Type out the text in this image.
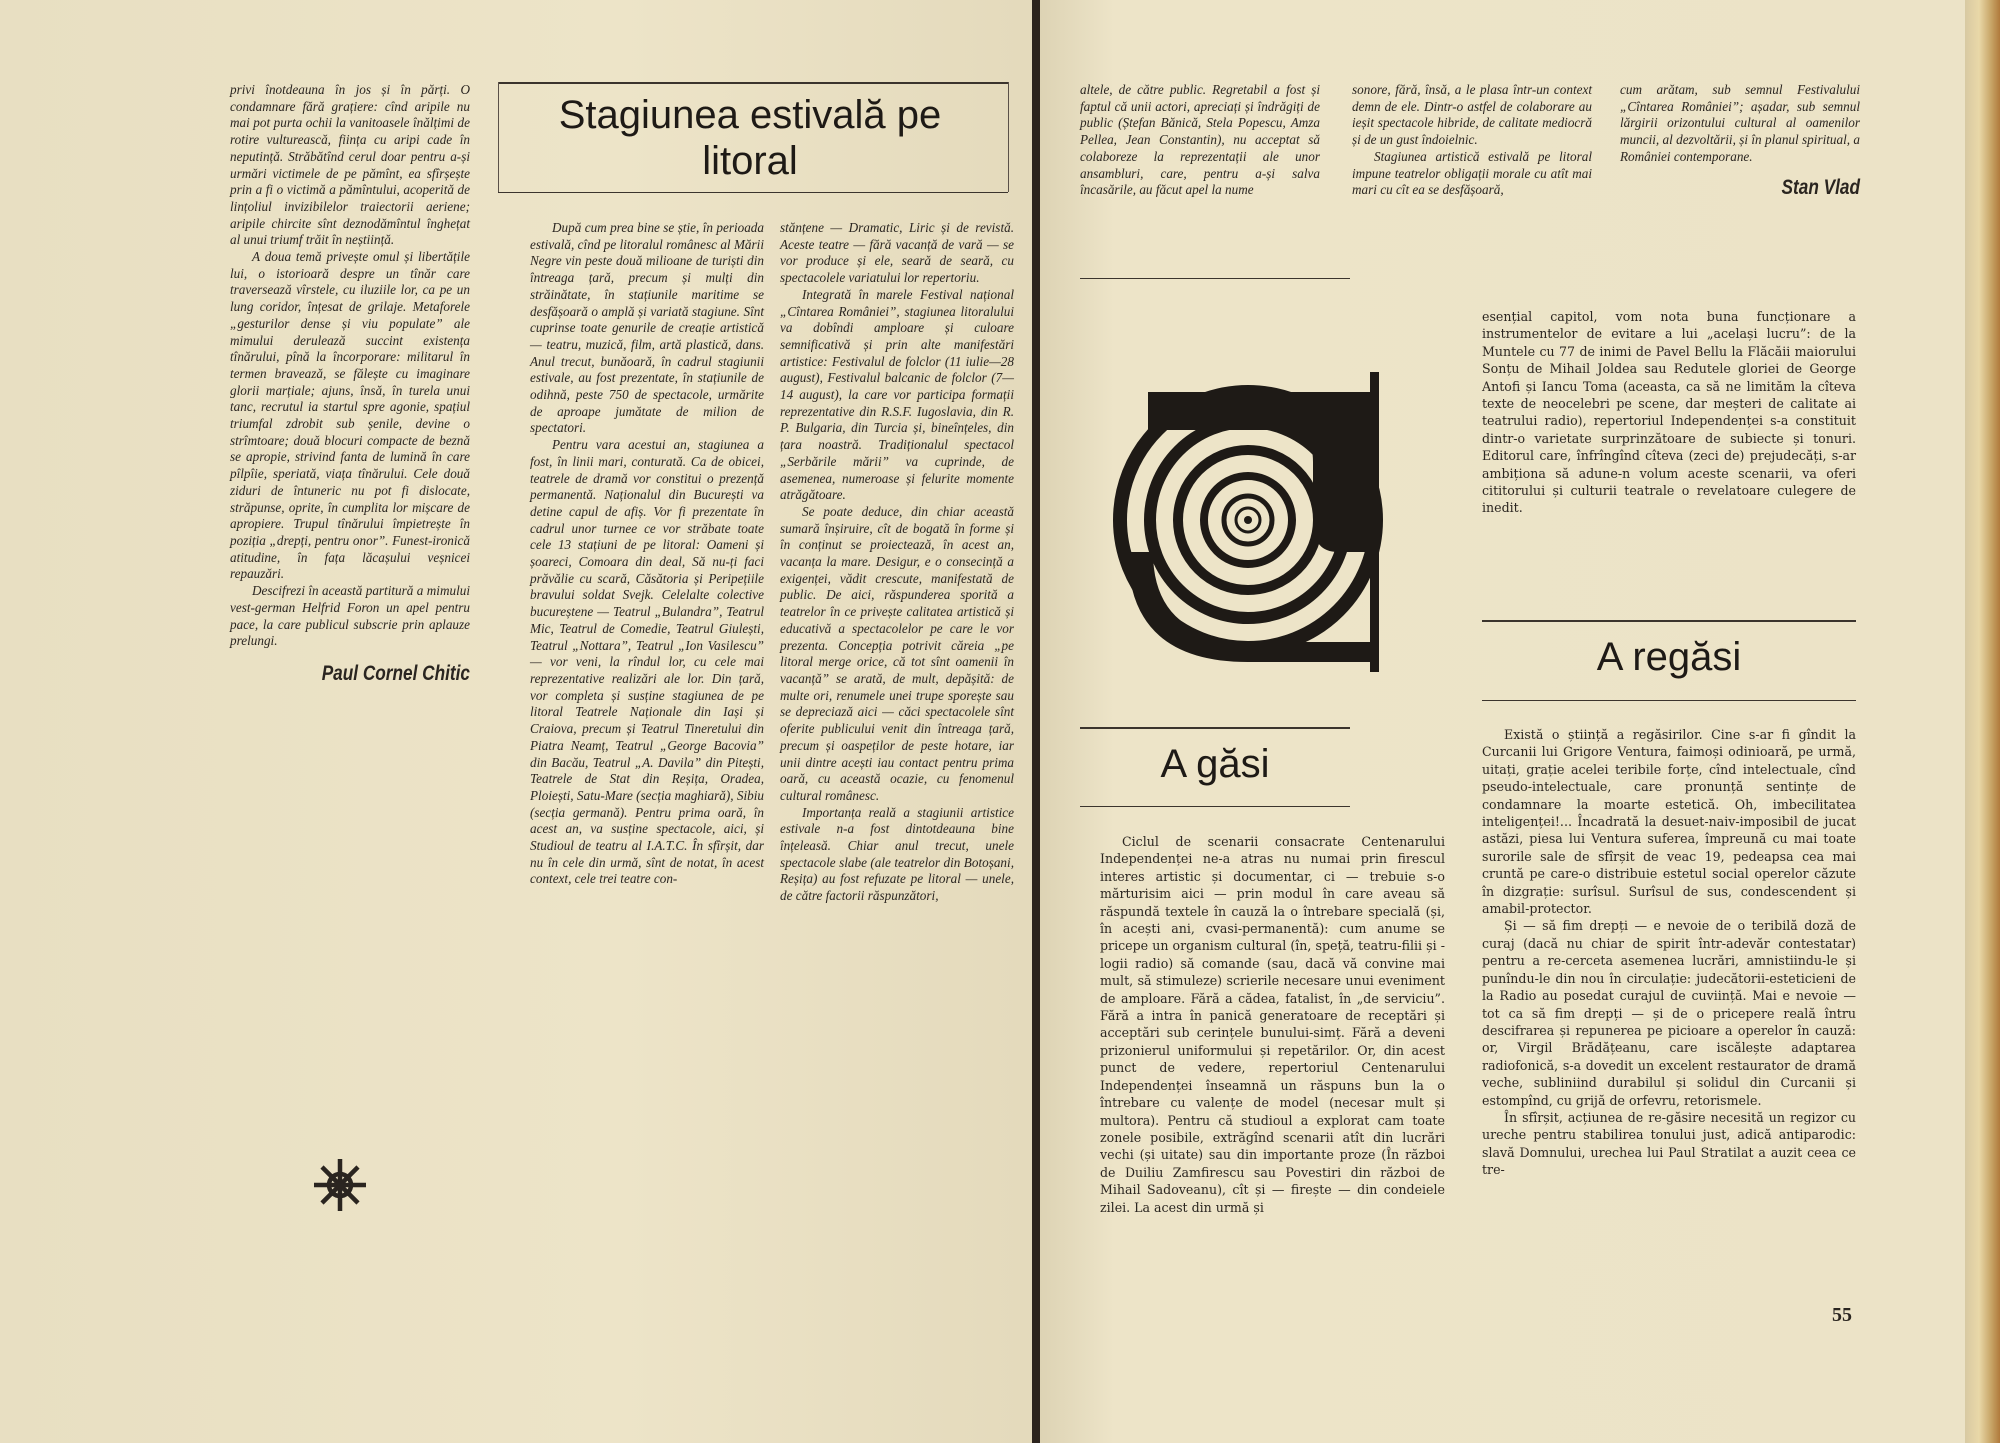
privi înotdeauna în jos și în părți. O condamnare fără grațiere: cînd aripile nu mai pot purta ochii la vanitoasele înălțimi de rotire vulturească, ființa cu aripi cade în neputință. Străbătînd cerul doar pentru a-și urmări victimele de pe pămînt, ea sfîrșește prin a fi o victimă a pămîntului, acoperită de lințoliul invizibilelor traiectorii aeriene; aripile chircite sînt deznodămîntul înghețat al unui triumf trăit în neștiință.

A doua temă privește omul și libertățile lui, o istorioară despre un tînăr care traversează vîrstele, cu iluziile lor, ca pe un lung coridor, înțesat de grilaje. Metaforele „gesturilor dense și viu populate” ale mimului derulează succint existența tînărului, pînă la încorporare: militarul în termen bravează, se fălește cu imaginare glorii marțiale; ajuns, însă, în turela unui tanc, recrutul ia startul spre agonie, spațiul triumfal zdrobit sub șenile, devine o strîmtoare; două blocuri compacte de beznă se apropie, strivind fanta de lumină în care pîlpîie, speriată, viața tînărului. Cele două ziduri de întuneric nu pot fi dislocate, străpunse, oprite, în cumplita lor mișcare de apropiere. Trupul tînărului împietrește în poziția „drepți, pentru onor”. Funest-ironică atitudine, în fața lăcașului veșnicei repauzări.

Descifrezi în această partitură a mimului vest-german Helfrid Foron un apel pentru pace, la care publicul subscrie prin aplauze prelungi.

Paul Cornel Chitic
Stagiunea estivală pe litoral

După cum prea bine se știe, în perioada estivală, cînd pe litoralul românesc al Mării Negre vin peste două milioane de turiști din întreaga țară, precum și mulți din străinătate, în stațiunile maritime se desfășoară o amplă și variată stagiune. Sînt cuprinse toate genurile de creație artistică — teatru, muzică, film, artă plastică, dans. Anul trecut, bunăoară, în cadrul stagiunii estivale, au fost prezentate, în stațiunile de odihnă, peste 750 de spectacole, urmărite de aproape jumătate de milion de spectatori.

Pentru vara acestui an, stagiunea a fost, în linii mari, conturată. Ca de obicei, teatrele de dramă vor constitui o prezență permanentă. Naționalul din București va detine capul de afiș. Vor fi prezentate în cadrul unor turnee ce vor străbate toate cele 13 stațiuni de pe litoral: Oameni și șoareci, Comoara din deal, Să nu-ți faci prăvălie cu scară, Căsătoria și Peripețiile bravului soldat Svejk. Celelalte colective bucureștene — Teatrul „Bulandra”, Teatrul Mic, Teatrul de Comedie, Teatrul Giulești, Teatrul „Nottara”, Teatrul „Ion Vasilescu” — vor veni, la rîndul lor, cu cele mai reprezentative realizări ale lor. Din țară, vor completa și susține stagiunea de pe litoral Teatrele Naționale din Iași și Craiova, precum și Teatrul Tineretului din Piatra Neamț, Teatrul „George Bacovia” din Bacău, Teatrul „A. Davila” din Pitești, Teatrele de Stat din Reșița, Oradea, Ploiești, Satu-Mare (secția maghiară), Sibiu (secția germană). Pentru prima oară, în acest an, va susține spectacole, aici, și Studioul de teatru al I.A.T.C. În sfîrșit, dar nu în cele din urmă, sînt de notat, în acest context, cele trei teatre con-

stănțene — Dramatic, Liric și de revistă. Aceste teatre — fără vacanță de vară — se vor produce și ele, seară de seară, cu spectacolele variatului lor repertoriu.

Integrată în marele Festival național „Cîntarea României”, stagiunea litoralului va dobîndi amploare și culoare semnificativă și prin alte manifestări artistice: Festivalul de folclor (11 iulie—28 august), Festivalul balcanic de folclor (7—14 august), la care vor participa formații reprezentative din R.S.F. Iugoslavia, din R. P. Bulgaria, din Turcia și, bineînțeles, din țara noastră. Tradiționalul spectacol „Serbările mării” va cuprinde, de asemenea, numeroase și felurite momente atrăgătoare.

Se poate deduce, din chiar această sumară înșiruire, cît de bogată în forme și în conținut se proiectează, în acest an, vacanța la mare. Desigur, e o consecință a exigenței, vădit crescute, manifestată de public. De aici, răspunderea sporită a teatrelor în ce privește calitatea artistică și educativă a spectacolelor pe care le vor prezenta. Concepția potrivit căreia „pe litoral merge orice, că tot sînt oamenii în vacanță” se arată, de mult, depășită: de multe ori, renumele unei trupe sporește sau se depreciază aici — căci spectacolele sînt oferite publicului venit din întreaga țară, precum și oaspeților de peste hotare, iar unii dintre acești iau contact pentru prima oară, cu această ocazie, cu fenomenul cultural românesc.

Importanța reală a stagiunii artistice estivale n-a fost dintotdeauna bine înțeleasă. Chiar anul trecut, unele spectacole slabe (ale teatrelor din Botoșani, Reșița) au fost refuzate pe litoral — unele, de către factorii răspunzători,

altele, de către public. Regretabil a fost și faptul că unii actori, apreciați și îndrăgiți de public (Ștefan Bănică, Stela Popescu, Amza Pellea, Jean Constantin), nu acceptat să colaboreze la reprezentații ale unor ansambluri, care, pentru a-și salva încasările, au făcut apel la nume

sonore, fără, însă, a le plasa într-un context demn de ele. Dintr-o astfel de colaborare au ieșit spectacole hibride, de calitate mediocră și de un gust îndoielnic.

Stagiunea artistică estivală pe litoral impune teatrelor obligații morale cu atît mai mari cu cît ea se desfășoară,

cum arătam, sub semnul Festivalului „Cîntarea României”; așadar, sub semnul lărgirii orizontului cultural al oamenilor muncii, al dezvoltării, și în planul spiritual, a României contemporane.

Stan Vlad
A găsi

Ciclul de scenarii consacrate Centenarului Independenței ne-a atras nu numai prin firescul interes artistic și documentar, ci — trebuie s-o mărturisim aici — prin modul în care aveau să răspundă textele în cauză la o întrebare specială (și, în acești ani, cvasi-permanentă): cum anume se pricepe un organism cultural (în, speță, teatru-filii și -logii radio) să comande (sau, dacă vă convine mai mult, să stimuleze) scrierile necesare unui eveniment de amploare. Fără a cădea, fatalist, în „de serviciu”. Fără a intra în panică generatoare de receptări și acceptări sub cerințele bunului-simț. Fără a deveni prizonierul uniformului și repetărilor. Or, din acest punct de vedere, repertoriul Centenarului Independenței înseamnă un răspuns bun la o întrebare cu valențe de model (necesar mult și multora). Pentru că studioul a explorat cam toate zonele posibile, extrăgînd scenarii atît din lucrări vechi (și uitate) sau din importante proze (În război de Duiliu Zamfirescu sau Povestiri din război de Mihail Sadoveanu), cît și — firește — din condeiele zilei. La acest din urmă și

esențial capitol, vom nota buna funcționare a instrumentelor de evitare a lui „același lucru”: de la Muntele cu 77 de inimi de Pavel Bellu la Flăcăii maiorului Sonțu de Mihail Joldea sau Redutele gloriei de George Antofi și Iancu Toma (aceasta, ca să ne limităm la cîteva texte de neocelebri pe scene, dar meșteri de calitate ai teatrului radio), repertoriul Independenței s-a constituit dintr-o varietate surprinzătoare de subiecte și tonuri. Editorul care, înfrîngînd cîteva (zeci de) prejudecăți, s-ar ambiționa să adune-n volum aceste scenarii, va oferi cititorului și culturii teatrale o revelatoare culegere de inedit.

A regăsi

Există o știință a regăsirilor. Cine s-ar fi gîndit la Curcanii lui Grigore Ventura, faimoși odinioară, pe urmă, uitați, grație acelei teribile forțe, cînd intelectuale, cînd pseudo-intelectuale, care pronunță sentințe de condamnare la moarte estetică. Oh, imbecilitatea inteligenței!... Încadrată la desuet-naiv-imposibil de jucat astăzi, piesa lui Ventura suferea, împreună cu mai toate surorile sale de sfîrșit de veac 19, pedeapsa cea mai cruntă pe care-o distribuie estetul social operelor căzute în dizgrație: surîsul. Surîsul de sus, condescendent și amabil-protector.

Și — să fim drepți — e nevoie de o teribilă doză de curaj (dacă nu chiar de spirit într-adevăr contestatar) pentru a re-cerceta asemenea lucrări, amnistiindu-le și punîndu-le din nou în circulație: judecătorii-esteticieni de la Radio au posedat curajul de cuviință. Mai e nevoie — tot ca să fim drepți — și de o pricepere reală întru descifrarea și repunerea pe picioare a operelor în cauză: or, Virgil Brădățeanu, care iscălește adaptarea radiofonică, s-a dovedit un excelent restaurator de dramă veche, subliniind durabilul și solidul din Curcanii și estompînd, cu grijă de orfevru, retorismele.

În sfîrșit, acțiunea de re-găsire necesită un regizor cu ureche pentru stabilirea tonului just, adică antiparodic: slavă Domnului, urechea lui Paul Stratilat a auzit ceea ce tre-

55
